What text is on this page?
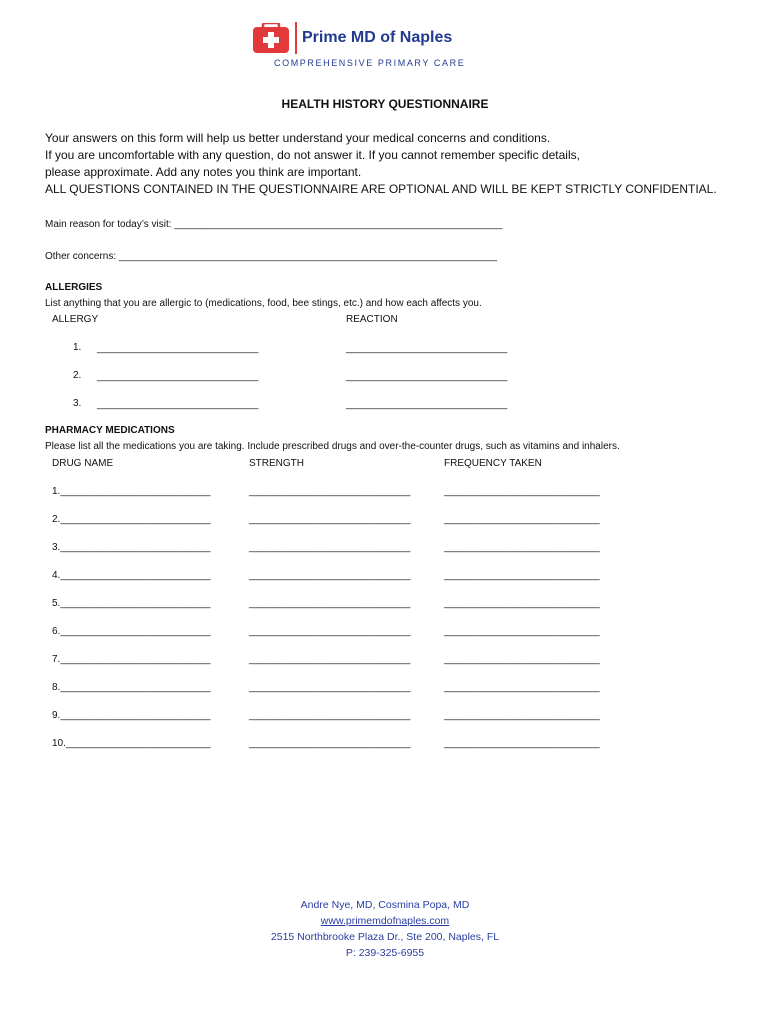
Prime MD of Naples
COMPREHENSIVE PRIMARY CARE
HEALTH HISTORY QUESTIONNAIRE
Your answers on this form will help us better understand your medical concerns and conditions.
If you are uncomfortable with any question, do not answer it. If you cannot remember specific details,
please approximate. Add any notes you think are important.
ALL QUESTIONS CONTAINED IN THE QUESTIONNAIRE ARE OPTIONAL AND WILL BE KEPT STRICTLY CONFIDENTIAL.
Main reason for today’s visit: ___________________________________________________________
Other concerns: ____________________________________________________________________
ALLERGIES
List anything that you are allergic to (medications, food, bee stings, etc.) and how each affects you.
ALLERGY	REACTION
1. _____________________________	_____________________________
2. _____________________________	_____________________________
3. _____________________________	_____________________________
PHARMACY MEDICATIONS
Please list all the medications you are taking. Include prescribed drugs and over-the-counter drugs, such as vitamins and inhalers.
DRUG NAME	STRENGTH	FREQUENCY TAKEN
1.___________________________	_____________________________	____________________________
2.___________________________	_____________________________	____________________________
3.___________________________	_____________________________	____________________________
4.___________________________	_____________________________	____________________________
5.___________________________	_____________________________	____________________________
6.___________________________	_____________________________	____________________________
7.___________________________	_____________________________	____________________________
8.___________________________	_____________________________	____________________________
9.___________________________	_____________________________	____________________________
10.__________________________	_____________________________	____________________________
Andre Nye, MD, Cosmina Popa, MD
www.primemdofnaples.com
2515 Northbrooke Plaza Dr., Ste 200, Naples, FL
P: 239-325-6955
